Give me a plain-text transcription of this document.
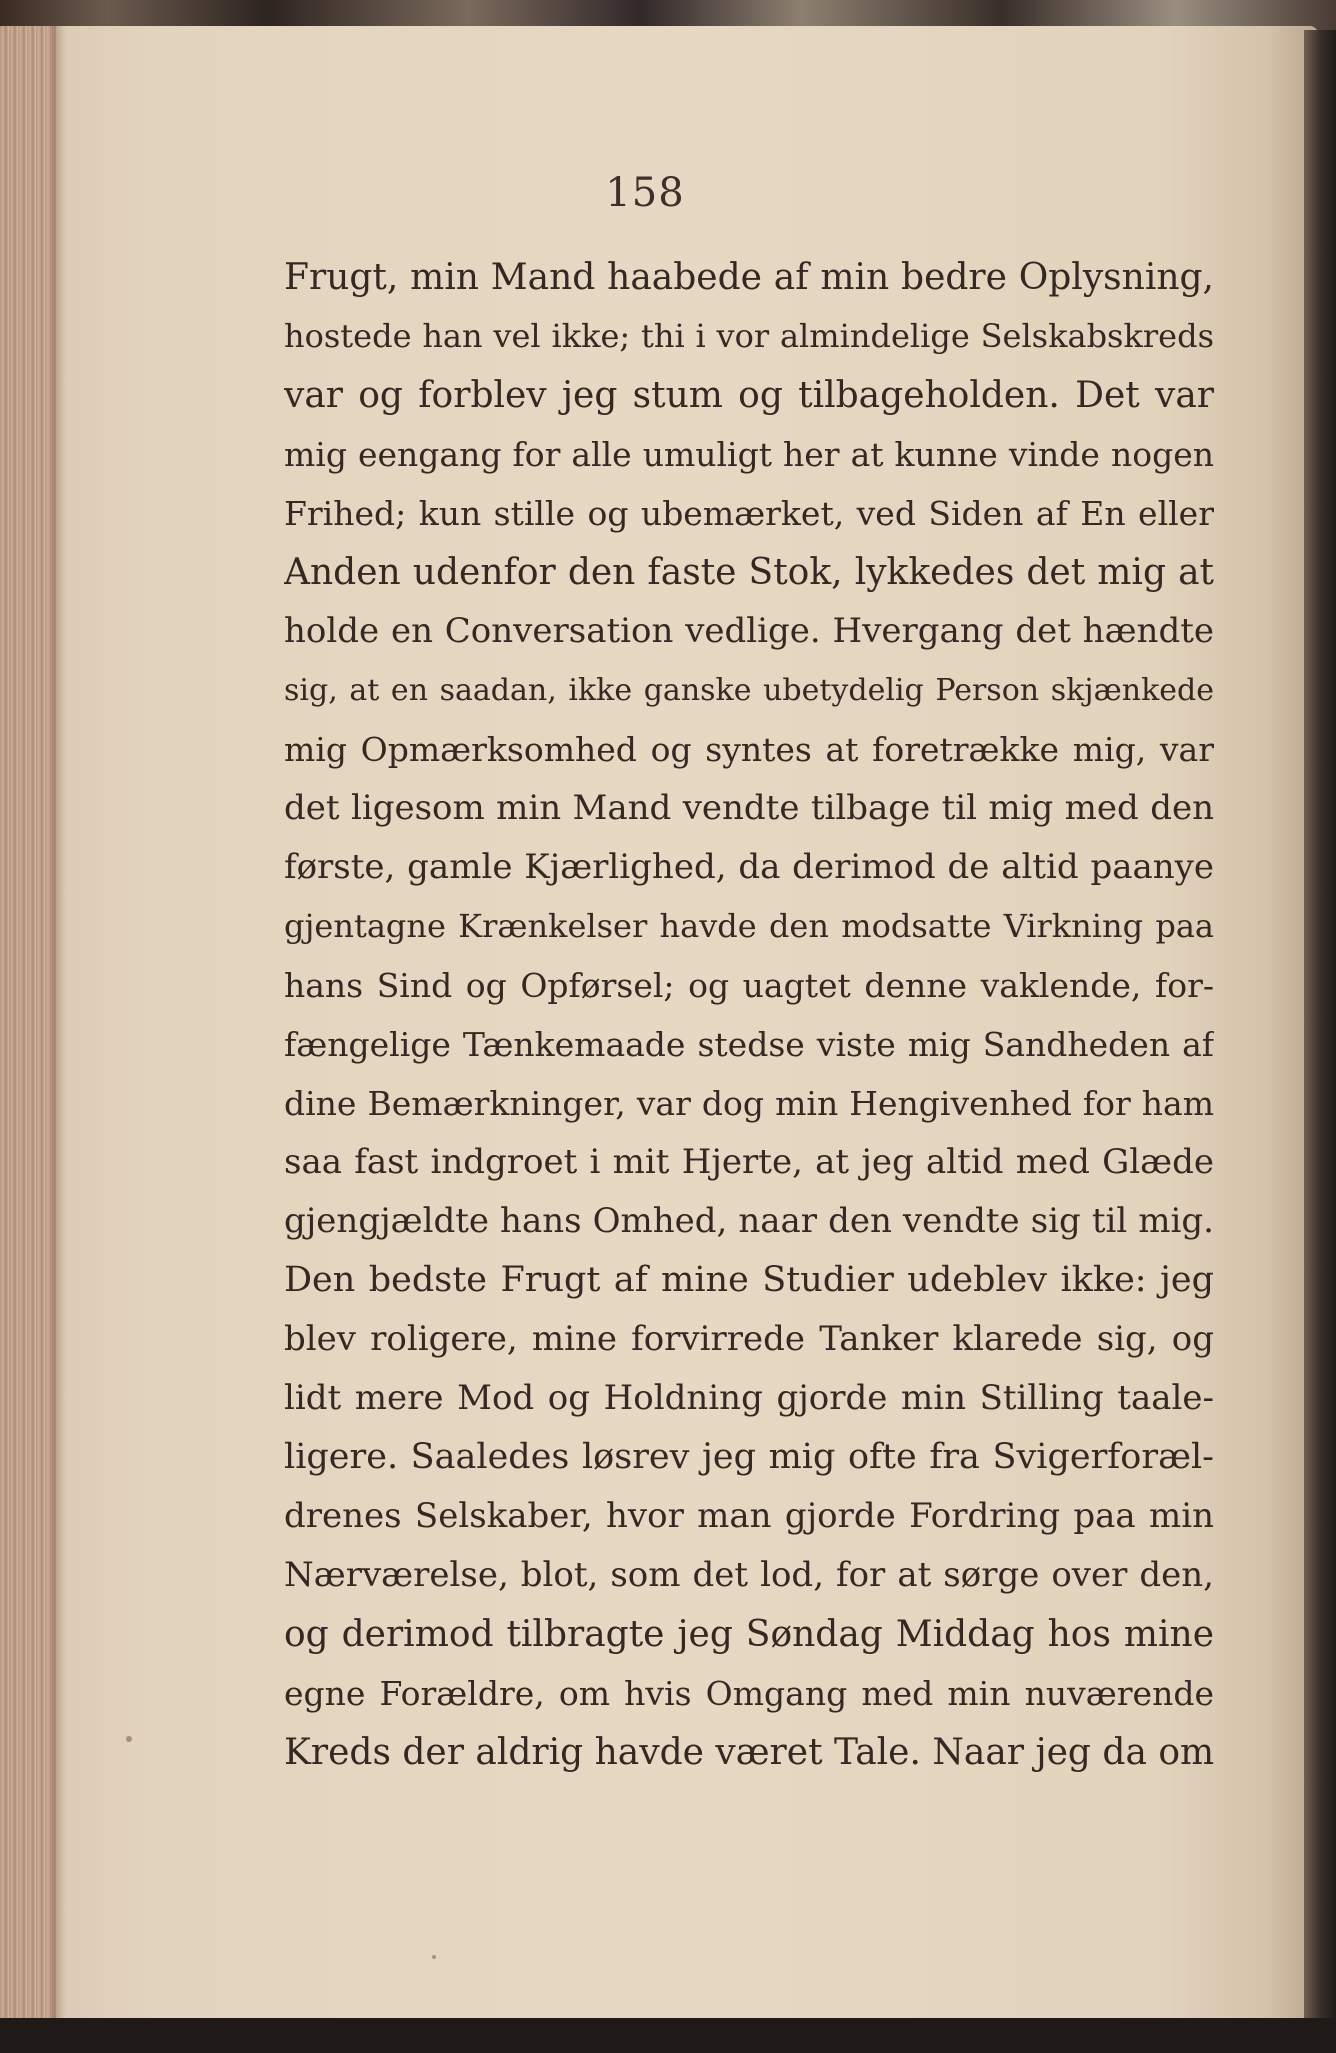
158
Frugt, min Mand haabede af min bedre Oplysning,
hostede han vel ikke; thi i vor almindelige Selskabskreds
var og forblev jeg stum og tilbageholden. Det var
mig eengang for alle umuligt her at kunne vinde nogen
Frihed; kun stille og ubemærket, ved Siden af En eller
Anden udenfor den faste Stok, lykkedes det mig at
holde en Conversation vedlige. Hvergang det hændte
sig, at en saadan, ikke ganske ubetydelig Person skjænkede
mig Opmærksomhed og syntes at foretrække mig, var
det ligesom min Mand vendte tilbage til mig med den
første, gamle Kjærlighed, da derimod de altid paanye
gjentagne Krænkelser havde den modsatte Virkning paa
hans Sind og Opførsel; og uagtet denne vaklende, for-
fængelige Tænkemaade stedse viste mig Sandheden af
dine Bemærkninger, var dog min Hengivenhed for ham
saa fast indgroet i mit Hjerte, at jeg altid med Glæde
gjengjældte hans Omhed, naar den vendte sig til mig.
Den bedste Frugt af mine Studier udeblev ikke: jeg
blev roligere, mine forvirrede Tanker klarede sig, og
lidt mere Mod og Holdning gjorde min Stilling taale-
ligere. Saaledes løsrev jeg mig ofte fra Svigerforæl-
drenes Selskaber, hvor man gjorde Fordring paa min
Nærværelse, blot, som det lod, for at sørge over den,
og derimod tilbragte jeg Søndag Middag hos mine
egne Forældre, om hvis Omgang med min nuværende
Kreds der aldrig havde været Tale. Naar jeg da om
